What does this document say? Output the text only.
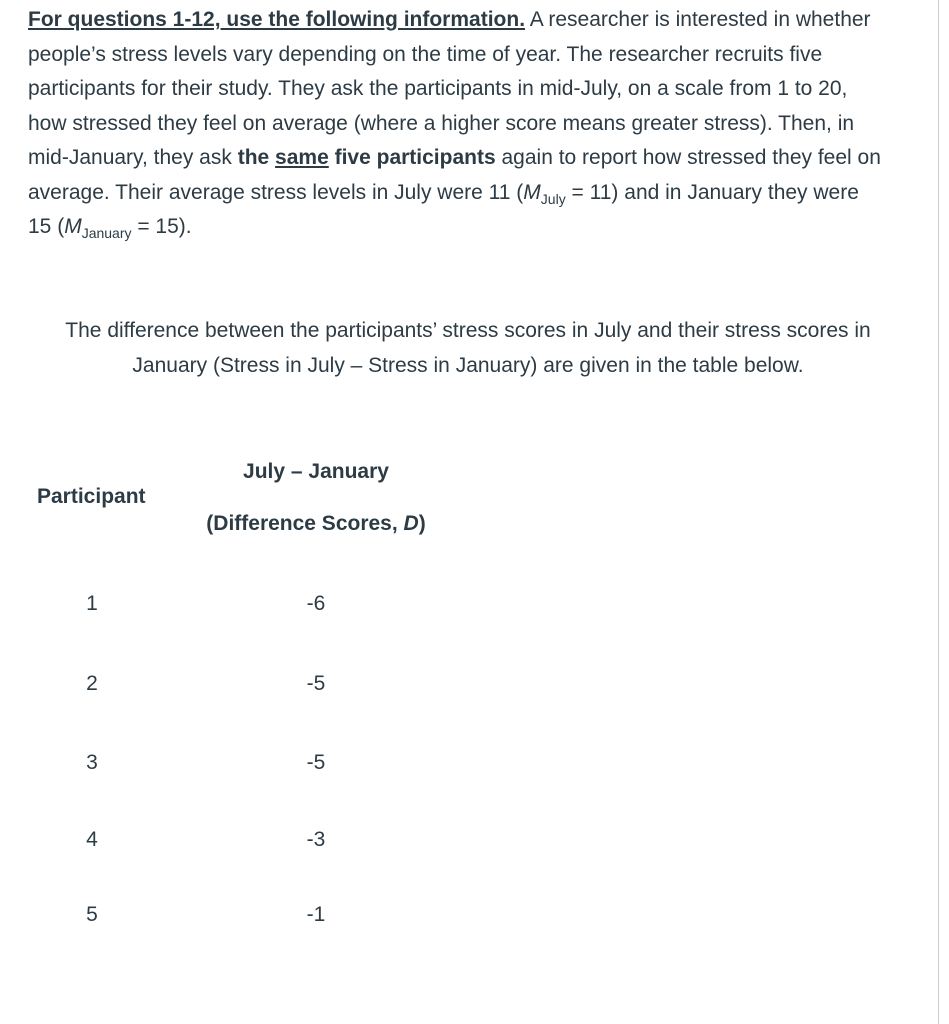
For questions 1-12, use the following information. A researcher is interested in whether people’s stress levels vary depending on the time of year. The researcher recruits five participants for their study. They ask the participants in mid-July, on a scale from 1 to 20, how stressed they feel on average (where a higher score means greater stress). Then, in mid-January, they ask the same five participants again to report how stressed they feel on average. Their average stress levels in July were 11 $(M_{July} = 11)$ and in January they were 15 $(M_{January} = 15)$.
The difference between the participants’ stress scores in July and their stress scores in January (Stress in July – Stress in January) are given in the table below.
Participant
July – January
(Difference Scores, D)
1	-6
2	-5
3	-5
4	-3
5	-1
